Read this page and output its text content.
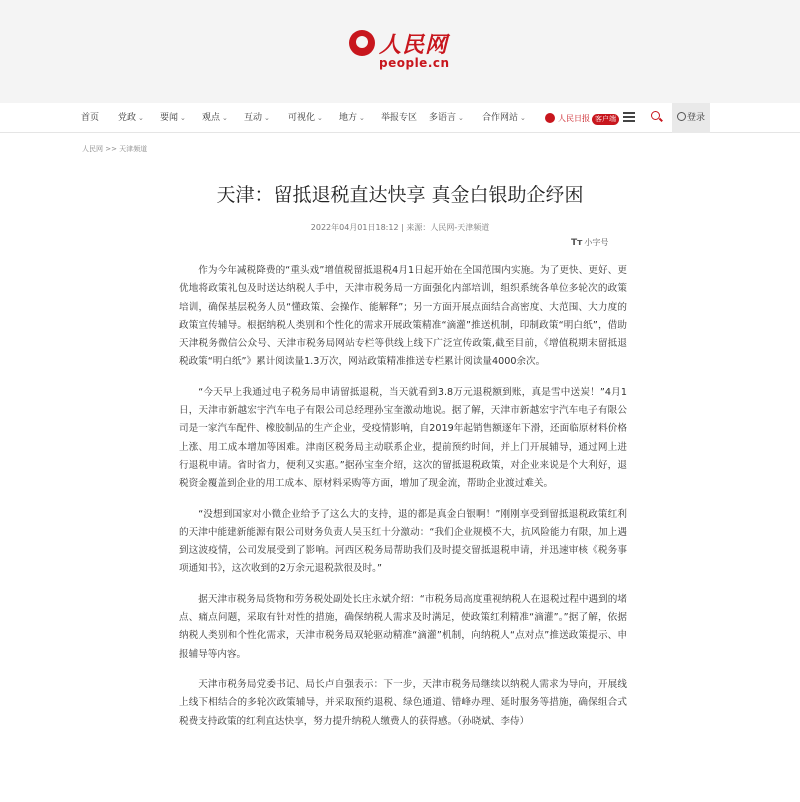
人民网
people.cn
首页 党政 ⌄ 要闻 ⌄ 观点 ⌄ 互动 ⌄ 可视化 ⌄ 地方 ⌄ 举报专区 多语言 ⌄ 合作网站 ⌄	人民日报 客户端	登录
人民网 >> 天津频道
天津：留抵退税直达快享 真金白银助企纾困
2022年04月01日18:12 | 来源：人民网-天津频道
Tт 小字号

作为今年减税降费的“重头戏”增值税留抵退税4月1日起开始在全国范围内实施。为了更快、更好、更优地将政策礼包及时送达纳税人手中，天津市税务局一方面强化内部培训，组织系统各单位多轮次的政策培训，确保基层税务人员“懂政策、会操作、能解释”；另一方面开展点面结合高密度、大范围、大力度的政策宣传辅导。根据纳税人类别和个性化的需求开展政策精准“滴灌”推送机制，印制政策“明白纸”，借助天津税务微信公众号、天津市税务局网站专栏等供线上线下广泛宣传政策,截至目前，《增值税期末留抵退税政策“明白纸”》累计阅读量1.3万次，网站政策精准推送专栏累计阅读量4000余次。

“今天早上我通过电子税务局申请留抵退税，当天就看到3.8万元退税额到账，真是雪中送炭！”4月1日，天津市新越宏宇汽车电子有限公司总经理孙宝奎激动地说。据了解，天津市新越宏宇汽车电子有限公司是一家汽车配件、橡胶制品的生产企业，受疫情影响，自2019年起销售额逐年下滑，还面临原材料价格上涨、用工成本增加等困难。津南区税务局主动联系企业，提前预约时间，并上门开展辅导，通过网上进行退税申请。省时省力，便利又实惠。”据孙宝奎介绍，这次的留抵退税政策，对企业来说是个大利好，退税资金覆盖到企业的用工成本、原材料采购等方面，增加了现金流，帮助企业渡过难关。

“没想到国家对小微企业给予了这么大的支持，退的都是真金白银啊！”刚刚享受到留抵退税政策红利的天津中能建新能源有限公司财务负责人吴玉红十分激动：“我们企业规模不大，抗风险能力有限，加上遇到这波疫情，公司发展受到了影响。河西区税务局帮助我们及时提交留抵退税申请，并迅速审核《税务事项通知书》，这次收到的2万余元退税款很及时。”

据天津市税务局货物和劳务税处副处长庄永斌介绍：“市税务局高度重视纳税人在退税过程中遇到的堵点、痛点问题，采取有针对性的措施，确保纳税人需求及时满足，使政策红利精准“滴灌”。”据了解，依据纳税人类别和个性化需求，天津市税务局双轮驱动精准“滴灌”机制，向纳税人“点对点”推送政策提示、申报辅导等内容。

天津市税务局党委书记、局长卢自强表示：下一步，天津市税务局继续以纳税人需求为导向，开展线上线下相结合的多轮次政策辅导，并采取预约退税、绿色通道、错峰办理、延时服务等措施，确保组合式税费支持政策的红利直达快享，努力提升纳税人缴费人的获得感。（孙晓斌、李侍）
